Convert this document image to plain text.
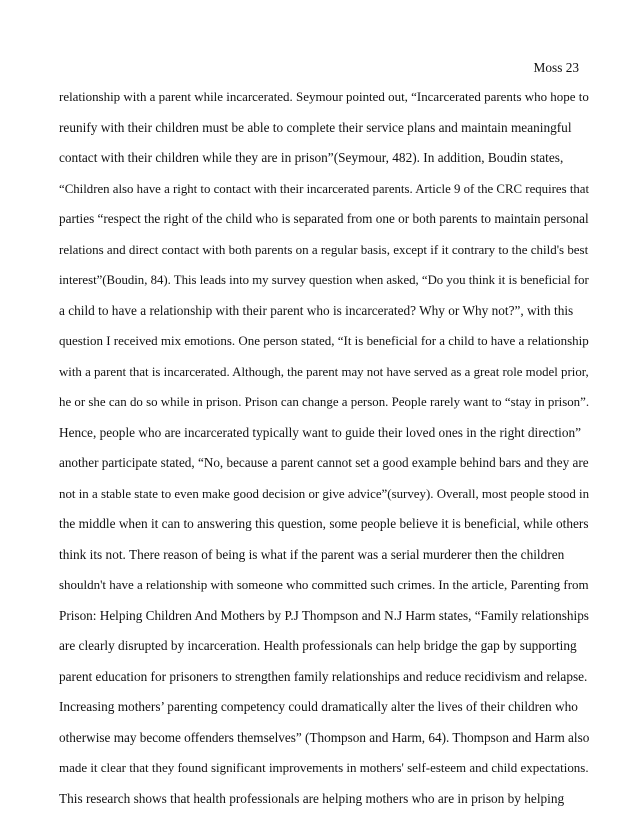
Moss 23
relationship with a parent while incarcerated. Seymour pointed out, “Incarcerated parents who hope to
reunify with their children must be able to complete their service plans and maintain meaningful
contact with their children while they are in prison”(Seymour, 482). In addition, Boudin states,
“Children also have a right to contact with their incarcerated parents. Article 9 of the CRC requires that
parties “respect the right of the child who is separated from one or both parents to maintain personal
relations and direct contact with both parents on a regular basis, except if it contrary to the child's best
interest”(Boudin, 84). This leads into my survey question when asked, “Do you think it is beneficial for
a child to have a relationship with their parent who is incarcerated? Why or Why not?”, with this
question I received mix emotions. One person stated, “It is beneficial for a child to have a relationship
with a parent that is incarcerated. Although, the parent may not have served as a great role model prior,
he or she can do so while in prison. Prison can change a person. People rarely want to “stay in prison”.
Hence, people who are incarcerated typically want to guide their loved ones in the right direction”
another participate stated, “No, because a parent cannot set a good example behind bars and they are
not in a stable state to even make good decision or give advice”(survey). Overall, most people stood in
the middle when it can to answering this question, some people believe it is beneficial, while others
think its not. There reason of being is what if the parent was a serial murderer then the children
shouldn't have a relationship with someone who committed such crimes. In the article, Parenting from
Prison: Helping Children And Mothers by P.J Thompson and N.J Harm states, “Family relationships
are clearly disrupted by incarceration. Health professionals can help bridge the gap by supporting
parent education for prisoners to strengthen family relationships and reduce recidivism and relapse.
Increasing mothers’ parenting competency could dramatically alter the lives of their children who
otherwise may become offenders themselves” (Thompson and Harm, 64). Thompson and Harm also
made it clear that they found significant improvements in mothers' self-esteem and child expectations.
This research shows that health professionals are helping mothers who are in prison by helping
